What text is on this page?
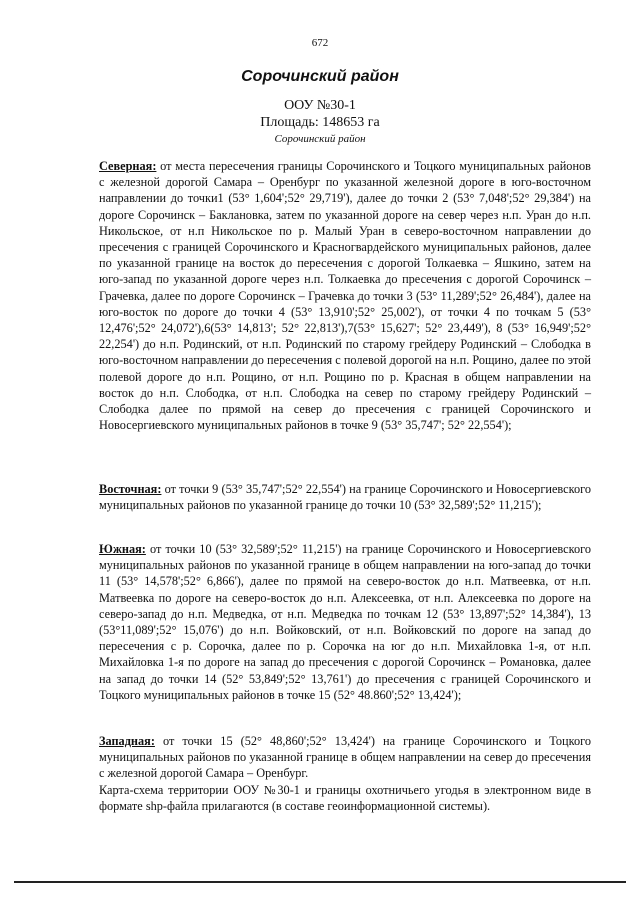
672
Сорочинский район
ООУ №30-1
Площадь: 148653 га
Сорочинский район

Северная: от места пересечения границы Сорочинского и Тоцкого муниципальных районов с железной дорогой Самара – Оренбург по указанной железной дороге в юго-восточном направлении до точки1 (53° 1,604';52° 29,719'), далее до точки 2 (53° 7,048';52° 29,384') на дороге Сорочинск – Баклановка, затем по указанной дороге на север через н.п. Уран до н.п. Никольское, от н.п Никольское по р. Малый Уран в северо-восточном направлении до пресечения с границей Сорочинского и Красногвардейского муниципальных районов, далее по указанной границе на восток до пересечения с дорогой Толкаевка – Яшкино, затем на юго-запад по указанной дороге через н.п. Толкаевка до пресечения с дорогой Сорочинск – Грачевка, далее по дороге Сорочинск – Грачевка до точки 3 (53° 11,289';52° 26,484'), далее на юго-восток по дороге до точки 4 (53° 13,910';52° 25,002'), от точки 4 по точкам 5 (53° 12,476';52° 24,072'),6(53° 14,813'; 52° 22,813'),7(53° 15,627'; 52° 23,449'), 8 (53° 16,949';52° 22,254') до н.п. Родинский, от н.п. Родинский по старому грейдеру Родинский – Слободка в юго-восточном направлении до пересечения с полевой дорогой на н.п. Рощино, далее по этой полевой дороге до н.п. Рощино, от н.п. Рощино по р. Красная в общем направлении на восток до н.п. Слободка, от н.п. Слободка на север по старому грейдеру Родинский – Слободка далее по прямой на север до пресечения с границей Сорочинского и Новосергиевского муниципальных районов в точке 9 (53° 35,747'; 52° 22,554');

Восточная: от точки 9 (53° 35,747';52° 22,554') на границе Сорочинского и Новосергиевского муниципальных районов по указанной границе до точки 10 (53° 32,589';52° 11,215');

Южная: от точки 10 (53° 32,589';52° 11,215') на границе Сорочинского и Новосергиевского муниципальных районов по указанной границе в общем направлении на юго-запад до точки 11 (53° 14,578';52° 6,866'), далее по прямой на северо-восток до н.п. Матвеевка, от н.п. Матвеевка по дороге на северо-восток до н.п. Алексеевка, от н.п. Алексеевка по дороге на северо-запад до н.п. Медведка, от н.п. Медведка по точкам 12 (53° 13,897';52° 14,384'), 13 (53°11,089';52° 15,076') до н.п. Войковский, от н.п. Войковский по дороге на запад до пересечения с р. Сорочка, далее по р. Сорочка на юг до н.п. Михайловка 1-я, от н.п. Михайловка 1-я по дороге на запад до пресечения с дорогой Сорочинск – Романовка, далее на запад до точки 14 (52° 53,849';52° 13,761') до пресечения с границей Сорочинского и Тоцкого муниципальных районов в точке 15 (52° 48.860';52° 13,424');

Западная: от точки 15 (52° 48,860';52° 13,424') на границе Сорочинского и Тоцкого муниципальных районов по указанной границе в общем направлении на север до пресечения с железной дорогой Самара – Оренбург.

Карта-схема территории ООУ №30-1 и границы охотничьего угодья в электронном виде в формате shp-файла прилагаются (в составе геоинформационной системы).
